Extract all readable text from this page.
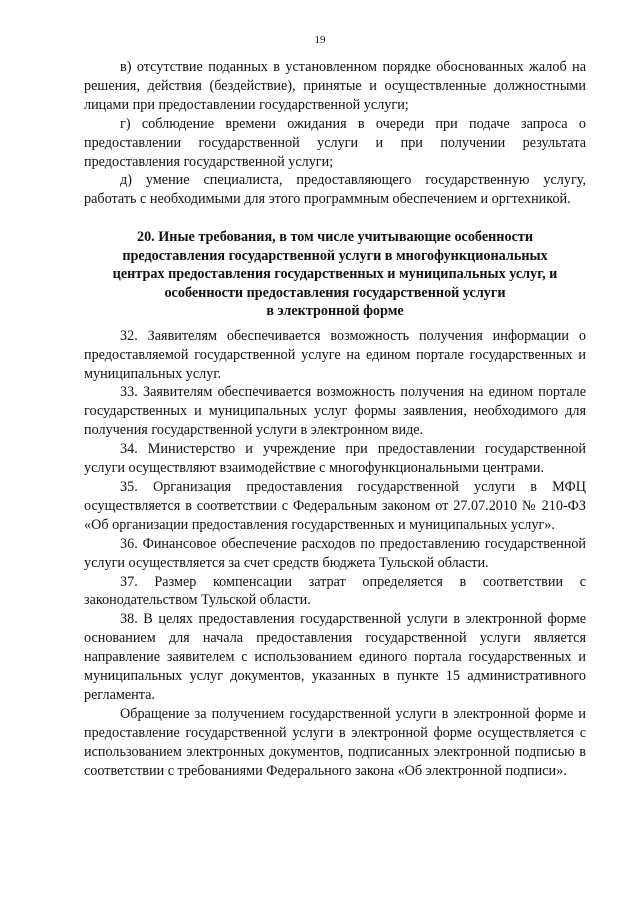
19

в) отсутствие поданных в установленном порядке обоснованных жалоб на решения, действия (бездействие), принятые и осуществленные должностными лицами при предоставлении государственной услуги;

г) соблюдение времени ожидания в очереди при подаче запроса о предоставлении государственной услуги и при получении результата предоставления государственной услуги;

д) умение специалиста, предоставляющего государственную услугу, работать с необходимыми для этого программным обеспечением и оргтехникой.

20. Иные требования, в том числе учитывающие особенности
предоставления государственной услуги в многофункциональных
центрах предоставления государственных и муниципальных услуг, и
особенности предоставления государственной услуги
в электронной форме

32. Заявителям обеспечивается возможность получения информации о предоставляемой государственной услуге на едином портале государственных и муниципальных услуг.

33. Заявителям обеспечивается возможность получения на едином портале государственных и муниципальных услуг формы заявления, необходимого для получения государственной услуги в электронном виде.

34. Министерство и учреждение при предоставлении государственной услуги осуществляют взаимодействие с многофункциональными центрами.

35. Организация предоставления государственной услуги в МФЦ осуществляется в соответствии с Федеральным законом от 27.07.2010 № 210-ФЗ «Об организации предоставления государственных и муниципальных услуг».

36. Финансовое обеспечение расходов по предоставлению государственной услуги осуществляется за счет средств бюджета Тульской области.

37. Размер компенсации затрат определяется в соответствии с законодательством Тульской области.

38. В целях предоставления государственной услуги в электронной форме основанием для начала предоставления государственной услуги является направление заявителем с использованием единого портала государственных и муниципальных услуг документов, указанных в пункте 15 административного регламента.

Обращение за получением государственной услуги в электронной форме и предоставление государственной услуги в электронной форме осуществляется с использованием электронных документов, подписанных электронной подписью в соответствии с требованиями Федерального закона «Об электронной подписи».
